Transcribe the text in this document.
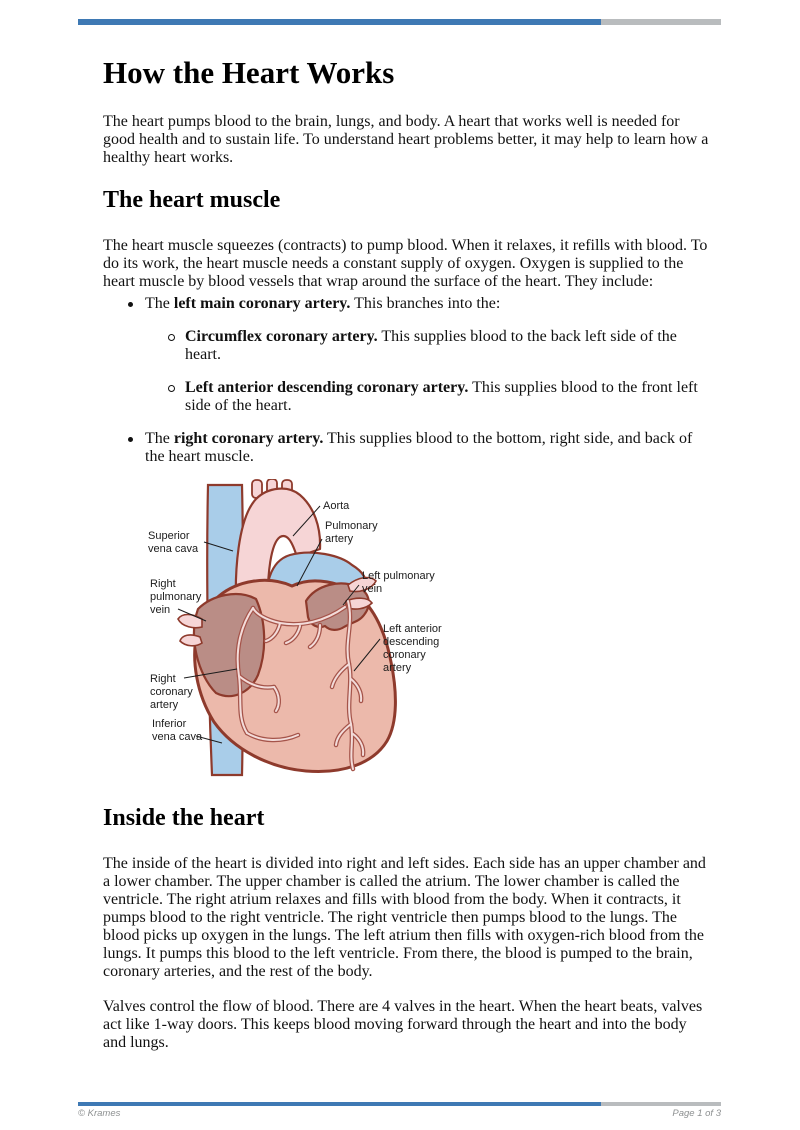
How the Heart Works

The heart pumps blood to the brain, lungs, and body. A heart that works well is needed for good health and to sustain life. To understand heart problems better, it may help to learn how a healthy heart works.

The heart muscle

The heart muscle squeezes (contracts) to pump blood. When it relaxes, it refills with blood. To do its work, the heart muscle needs a constant supply of oxygen. Oxygen is supplied to the heart muscle by blood vessels that wrap around the surface of the heart. They include:

The left main coronary artery. This branches into the:
Circumflex coronary artery. This supplies blood to the back left side of the heart.
Left anterior descending coronary artery. This supplies blood to the front left side of the heart.
The right coronary artery. This supplies blood to the bottom, right side, and back of the heart muscle.
Superior
vena cava
Aorta
Pulmonary
artery
Right
pulmonary
vein
Left pulmonary
vein
Left anterior
descending
coronary
artery
Right
coronary
artery
Inferior
vena cava
Inside the heart

The inside of the heart is divided into right and left sides. Each side has an upper chamber and a lower chamber. The upper chamber is called the atrium. The lower chamber is called the ventricle. The right atrium relaxes and fills with blood from the body. When it contracts, it pumps blood to the right ventricle. The right ventricle then pumps blood to the lungs. The blood picks up oxygen in the lungs. The left atrium then fills with oxygen-rich blood from the lungs. It pumps this blood to the left ventricle. From there, the blood is pumped to the brain, coronary arteries, and the rest of the body.

Valves control the flow of blood. There are 4 valves in the heart. When the heart beats, valves act like 1-way doors. This keeps blood moving forward through the heart and into the body and lungs.

© Krames	Page 1 of 3
